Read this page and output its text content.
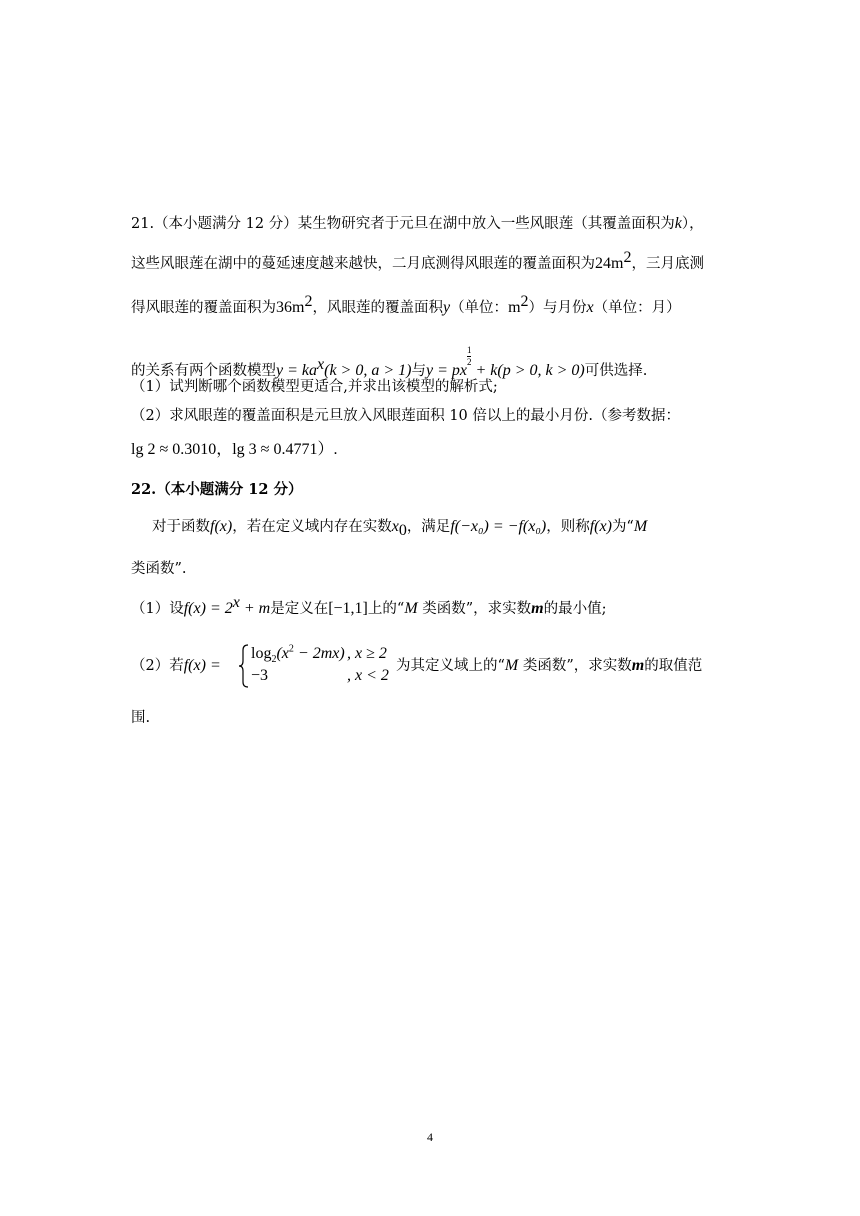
21.（本小题满分 12 分）某生物研究者于元旦在湖中放入一些风眼莲（其覆盖面积为k），
这些风眼莲在湖中的蔓延速度越来越快，二月底测得风眼莲的覆盖面积为$24m^2$，三月底测
得风眼莲的覆盖面积为$36m^2$，风眼莲的覆盖面积y（单位：$m^2$）与月份x（单位：月）
的关系有两个函数模型$y = ka^x(k > 0$, a > 1)与y = px
$\frac{1}{2}$
+ k(p > 0, k > 0)可供选择.
（1）试判断哪个函数模型更适合,并求出该模型的解析式;
（2）求风眼莲的覆盖面积是元旦放入风眼莲面积 10 倍以上的最小月份.（参考数据：
lg 2 ≈ 0.3010，lg 3 ≈ 0.4771）.
22.（本小题满分 12 分）
对于函数f(x)，若在定义域内存在实数$x_0$，满足f(−x₀) = −f(x₀)，则称f(x)为“M
类函数”.
（1）设$f(x) = 2^x + m$是定义在[−1,1]上的“M 类函数”，求实数m的最小值;
（2）若f(x) =
$\log_2(x^2 - 2mx)$ , x ≥ 2
−3	, x < 2
为其定义域上的“M 类函数”，求实数m的取值范
围.
4
